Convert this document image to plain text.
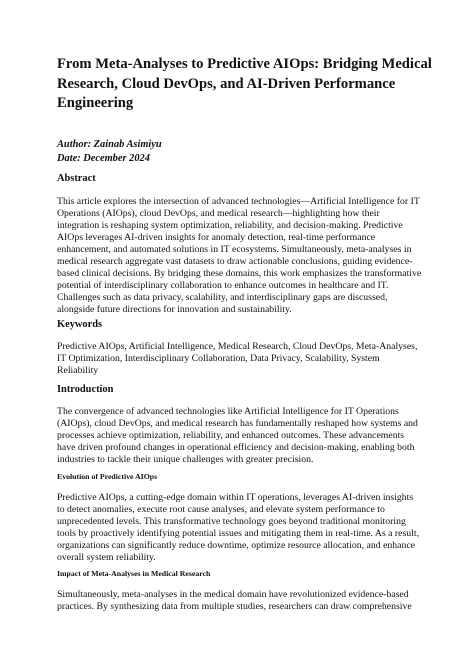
From Meta-Analyses to Predictive AIOps: Bridging Medical Research, Cloud DevOps, and AI-Driven Performance Engineering
Author: Zainab Asimiyu
Date: December 2024
Abstract
This article explores the intersection of advanced technologies—Artificial Intelligence for IT
Operations (AIOps), cloud DevOps, and medical research—highlighting how their
integration is reshaping system optimization, reliability, and decision-making. Predictive
AIOps leverages AI-driven insights for anomaly detection, real-time performance
enhancement, and automated solutions in IT ecosystems. Simultaneously, meta-analyses in
medical research aggregate vast datasets to draw actionable conclusions, guiding evidence-
based clinical decisions. By bridging these domains, this work emphasizes the transformative
potential of interdisciplinary collaboration to enhance outcomes in healthcare and IT.
Challenges such as data privacy, scalability, and interdisciplinary gaps are discussed,
alongside future directions for innovation and sustainability.
Keywords
Predictive AIOps, Artificial Intelligence, Medical Research, Cloud DevOps, Meta-Analyses,
IT Optimization, Interdisciplinary Collaboration, Data Privacy, Scalability, System
Reliability
Introduction
The convergence of advanced technologies like Artificial Intelligence for IT Operations
(AIOps), cloud DevOps, and medical research has fundamentally reshaped how systems and
processes achieve optimization, reliability, and enhanced outcomes. These advancements
have driven profound changes in operational efficiency and decision-making, enabling both
industries to tackle their unique challenges with greater precision.
Evolution of Predictive AIOps
Predictive AIOps, a cutting-edge domain within IT operations, leverages AI-driven insights
to detect anomalies, execute root cause analyses, and elevate system performance to
unprecedented levels. This transformative technology goes beyond traditional monitoring
tools by proactively identifying potential issues and mitigating them in real-time. As a result,
organizations can significantly reduce downtime, optimize resource allocation, and enhance
overall system reliability.
Impact of Meta-Analyses in Medical Research
Simultaneously, meta-analyses in the medical domain have revolutionized evidence-based
practices. By synthesizing data from multiple studies, researchers can draw comprehensive
